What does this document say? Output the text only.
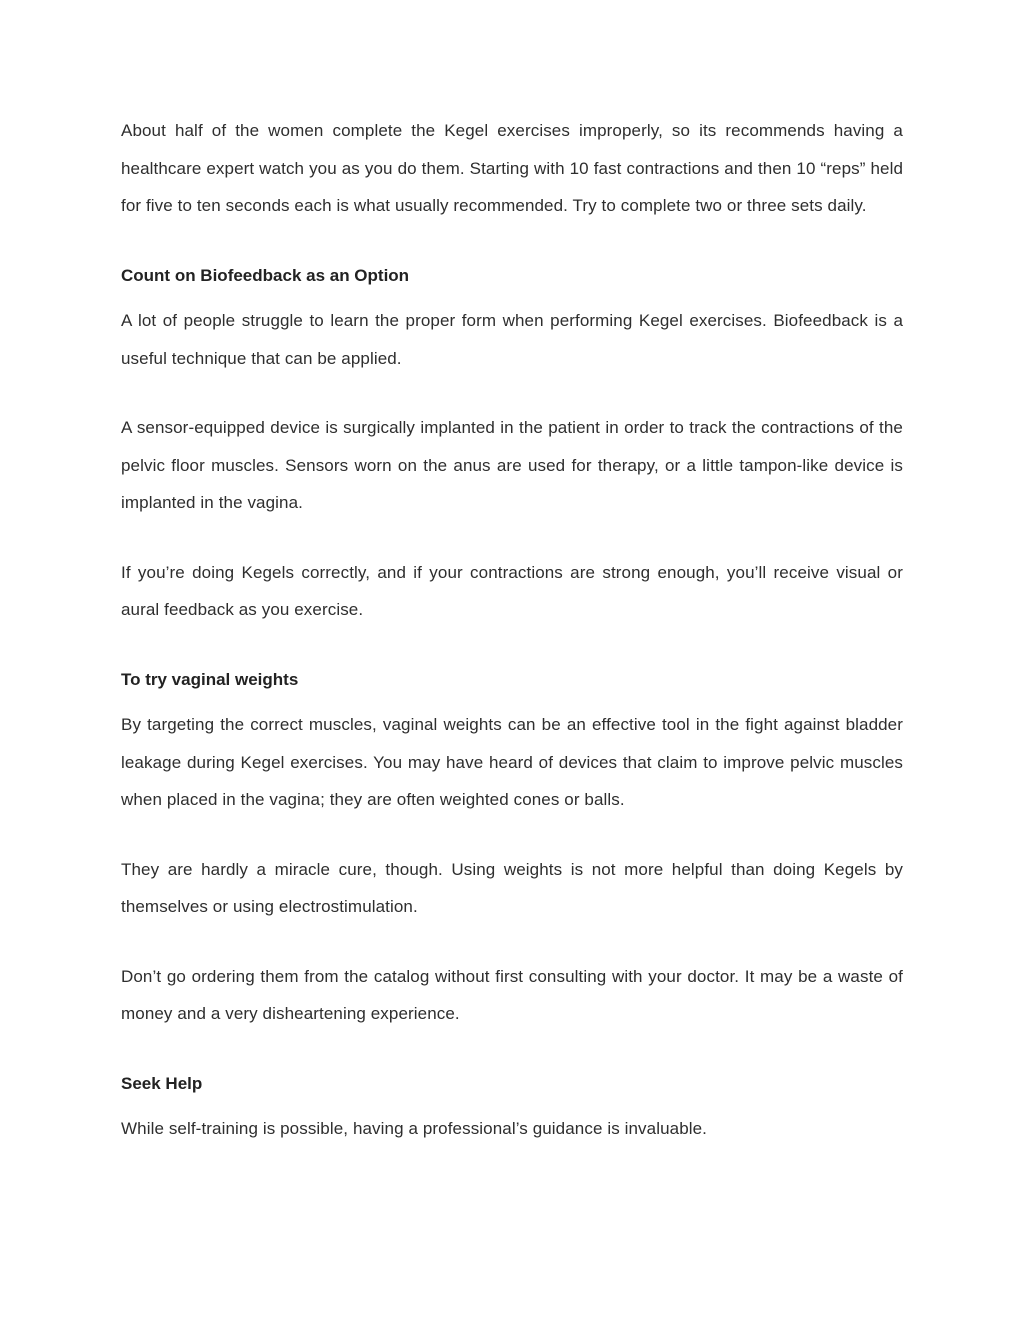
About half of the women complete the Kegel exercises improperly, so its recommends having a healthcare expert watch you as you do them. Starting with 10 fast contractions and then 10 “reps” held for five to ten seconds each is what usually recommended. Try to complete two or three sets daily.

Count on Biofeedback as an Option

A lot of people struggle to learn the proper form when performing Kegel exercises. Biofeedback is a useful technique that can be applied.

A sensor-equipped device is surgically implanted in the patient in order to track the contractions of the pelvic floor muscles. Sensors worn on the anus are used for therapy, or a little tampon-like device is implanted in the vagina.

If you’re doing Kegels correctly, and if your contractions are strong enough, you’ll receive visual or aural feedback as you exercise.

To try vaginal weights

By targeting the correct muscles, vaginal weights can be an effective tool in the fight against bladder leakage during Kegel exercises. You may have heard of devices that claim to improve pelvic muscles when placed in the vagina; they are often weighted cones or balls.

They are hardly a miracle cure, though. Using weights is not more helpful than doing Kegels by themselves or using electrostimulation.

Don’t go ordering them from the catalog without first consulting with your doctor. It may be a waste of money and a very disheartening experience.

Seek Help

While self-training is possible, having a professional’s guidance is invaluable.
